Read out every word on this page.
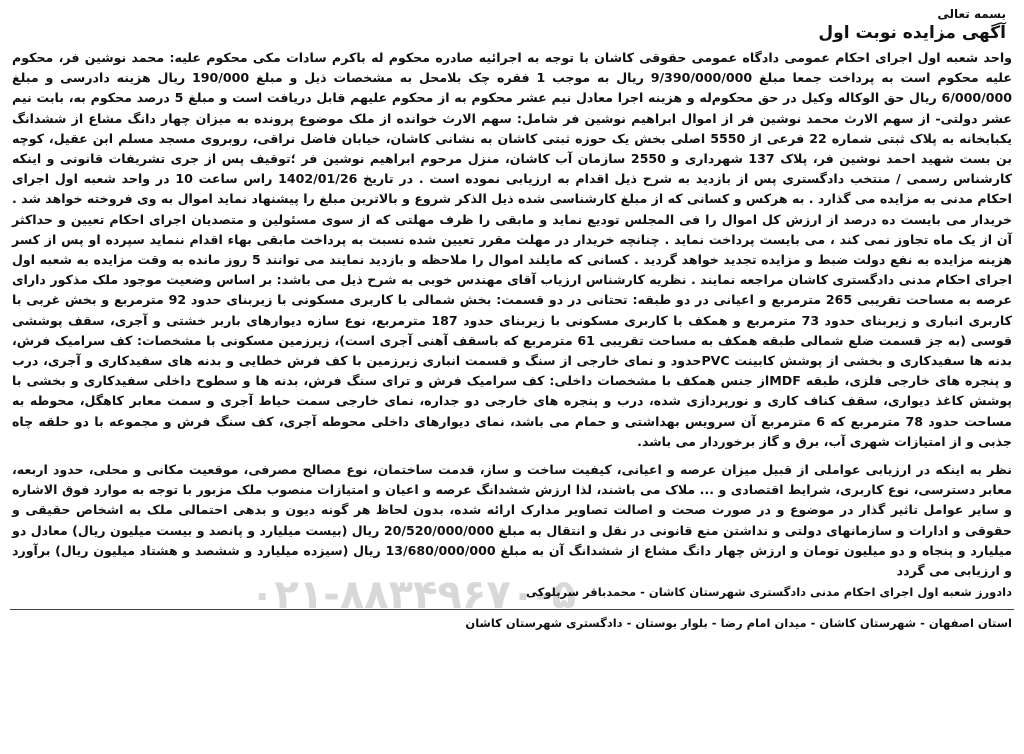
بسمه تعالی
آگهی مزایده نوبت اول

واحد شعبه اول اجرای احکام عمومی دادگاه عمومی حقوقی کاشان با توجه به اجرائیه صادره محکوم له باکرم سادات مکی محکوم علیه: محمد نوشین فر، محکوم علیه محکوم است به پرداخت جمعا مبلغ 9/390/000/000 ریال به موجب 1 فقره چک بلامحل به مشخصات ذیل و مبلغ 190/000 ریال هزینه دادرسی و مبلغ 6/000/000 ریال حق الوکاله وکیل در حق محکوم‌له و هزینه اجرا معادل نیم عشر محکوم به از محکوم علیهم قابل دریافت است و مبلغ 5 درصد محکوم به، بابت نیم عشر دولتی- از سهم الارث محمد نوشین فر از اموال ابراهیم نوشین فر شامل: سهم الارث خوانده از ملک موضوع پرونده به میزان چهار دانگ مشاع از ششدانگ یکبابخانه به پلاک ثبتی شماره 22 فرعی از 5550 اصلی بخش یک حوزه ثبتی کاشان به نشانی کاشان، خیابان فاضل نراقی، روبروی مسجد مسلم ابن عقیل، کوچه بن بست شهید احمد نوشین فر، پلاک 137 شهرداری و 2550 سازمان آب کاشان، منزل مرحوم ابراهیم نوشین فر ؛توقیف پس از جری تشریفات قانونی و اینکه کارشناس رسمی / منتخب دادگستری پس از بازدید به شرح ذیل اقدام به ارزیابی نموده است . در تاریخ 1402/01/26 راس ساعت 10 در واحد شعبه اول اجرای احکام مدنی به مزایده می گذارد . به هرکس و کسانی که از مبلغ کارشناسی شده ذیل الذکر شروع و بالاترین مبلغ را پیشنهاد نماید اموال به وی فروخته خواهد شد . خریدار می بایست ده درصد از ارزش کل اموال را فی المجلس تودیع نماید و مابقی را ظرف مهلتی که از سوی مسئولین و متصدیان اجرای احکام تعیین و حداکثر آن از یک ماه تجاوز نمی کند ، می بایست پرداخت نماید . چنانچه خریدار در مهلت مقرر تعیین شده نسبت به پرداخت مابقی بهاء اقدام ننماید سپرده او پس از کسر هزینه مزایده به نفع دولت ضبط و مزایده تجدید خواهد گردید . کسانی که مایلند اموال را ملاحظه و بازدید نمایند می توانند 5 روز مانده به وقت مزایده به شعبه اول اجرای احکام مدنی دادگستری کاشان مراجعه نمایند . نظریه کارشناس ارزیاب آقای مهندس خوبی به شرح ذیل می باشد: بر اساس وضعیت موجود ملک مذکور دارای عرصه به مساحت تقریبی 265 مترمربع و اعیانی در دو طبقه: تحتانی در دو قسمت: بخش شمالی با کاربری مسکونی با زیربنای حدود 92 مترمربع و بخش غربی با کاربری انباری و زیربنای حدود 73 مترمربع و همکف با کاربری مسکونی با زیربنای حدود 187 مترمربع، نوع سازه دیوارهای باربر خشتی و آجری، سقف پوششی قوسی (به جز قسمت ضلع شمالی طبقه همکف به مساحت تقریبی 61 مترمربع که باسقف آهنی آجری است)، زیرزمین مسکونی با مشخصات: کف سرامیک فرش، بدنه ها سفیدکاری و بخشی از پوشش کابینت PVCحدود و نمای خارجی از سنگ و قسمت انباری زیرزمین با کف فرش خطایی و بدنه های سفیدکاری و آجری، درب و پنجره های خارجی فلزی، طبقه MDFاز جنس همکف با مشخصات داخلی: کف سرامیک فرش و ترای سنگ فرش، بدنه ها و سطوح داخلی سفیدکاری و بخشی با پوشش کاغذ دیواری، سقف کناف کاری و نورپردازی شده، درب و پنجره های خارجی دو جداره، نمای خارجی سمت حیاط آجری و سمت معابر کاهگل، محوطه به مساحت حدود 78 مترمربع که 6 مترمربع آن سرویس بهداشتی و حمام می باشد، نمای دیوارهای داخلی محوطه آجری، کف سنگ فرش و مجموعه با دو حلقه چاه جذبی و از امتیازات شهری آب، برق و گاز برخوردار می باشد.

نظر به اینکه در ارزیابی عواملی از قبیل میزان عرصه و اعیانی، کیفیت ساخت و ساز، قدمت ساختمان، نوع مصالح مصرفی، موقعیت مکانی و محلی، حدود اربعه، معابر دسترسی، نوع کاربری، شرایط اقتصادی و ... ملاک می باشند، لذا ارزش ششدانگ عرصه و اعیان و امتیازات منصوب ملک مزبور با توجه به موارد فوق الاشاره و سایر عوامل تاثیر گذار در موضوع و در صورت صحت و اصالت تصاویر مدارک ارائه شده، بدون لحاظ هر گونه دیون و بدهی احتمالی ملک به اشخاص حقیقی و حقوقی و ادارات و سازمانهای دولتی و نداشتن منع قانونی در نقل و انتقال به مبلغ 20/520/000/000 ریال (بیست میلیارد و پانصد و بیست میلیون ریال) معادل دو میلیارد و پنجاه و دو میلیون تومان و ارزش چهار دانگ مشاع از ششدانگ آن به مبلغ 13/680/000/000 ریال (سیزده میلیارد و ششصد و هشتاد میلیون ریال) برآورد و ارزیابی می گردد

دادورز شعبه اول اجرای احکام مدنی دادگستری شهرستان کاشان - محمدباقر سربلوکی
استان اصفهان - شهرستان کاشان - میدان امام رضا - بلوار بوستان - دادگستری شهرستان کاشان
۰۲۱-۸۸۳۴۹۶۷۰-۵
